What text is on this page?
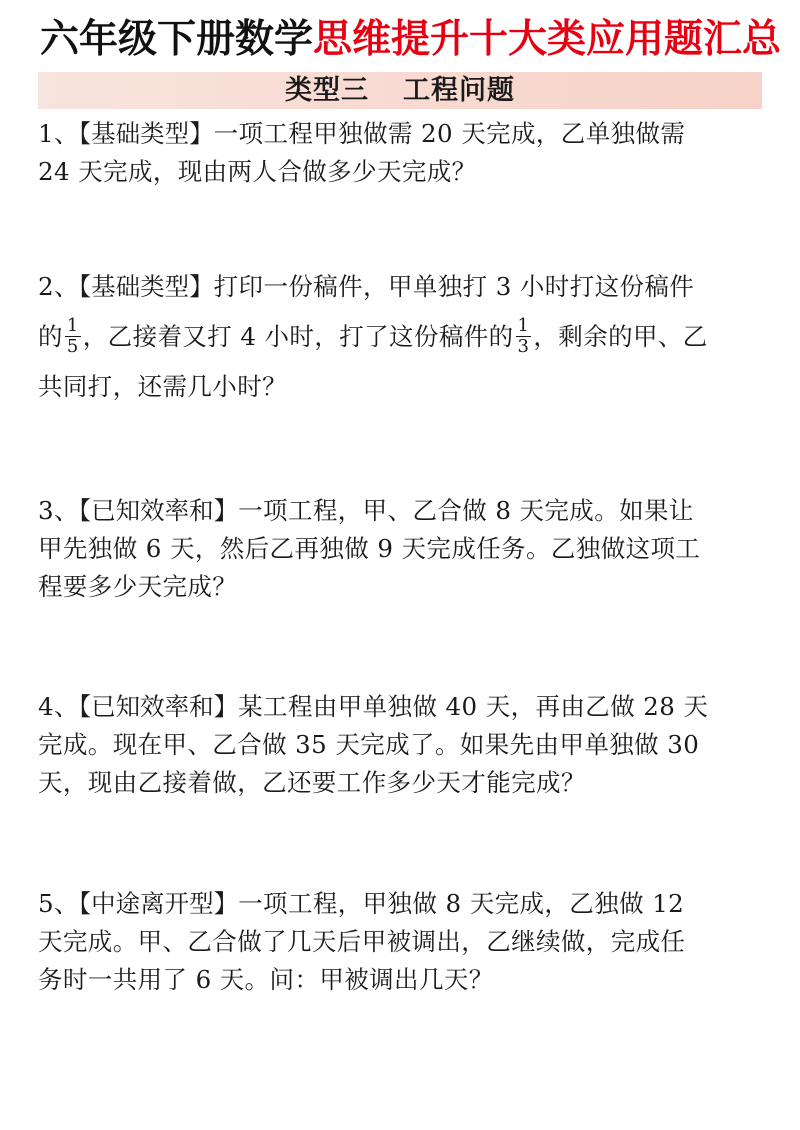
六年级下册数学思维提升十大类应用题汇总
类型三 工程问题
1、【基础类型】一项工程甲独做需 20 天完成，乙单独做需
24 天完成，现由两人合做多少天完成？
2、【基础类型】打印一份稿件，甲单独打 3 小时打这份稿件
的 $\frac{1}{5}$ ，乙接着又打 4 小时，打了这份稿件的 $\frac{1}{3}$ ，剩余的甲、乙
共同打，还需几小时？
3、【已知效率和】一项工程，甲、乙合做 8 天完成。如果让
甲先独做 6 天，然后乙再独做 9 天完成任务。乙独做这项工
程要多少天完成？
4、【已知效率和】某工程由甲单独做 40 天，再由乙做 28 天
完成。现在甲、乙合做 35 天完成了。如果先由甲单独做 30
天，现由乙接着做，乙还要工作多少天才能完成？
5、【中途离开型】一项工程，甲独做 8 天完成，乙独做 12
天完成。甲、乙合做了几天后甲被调出，乙继续做，完成任
务时一共用了 6 天。问：甲被调出几天？
